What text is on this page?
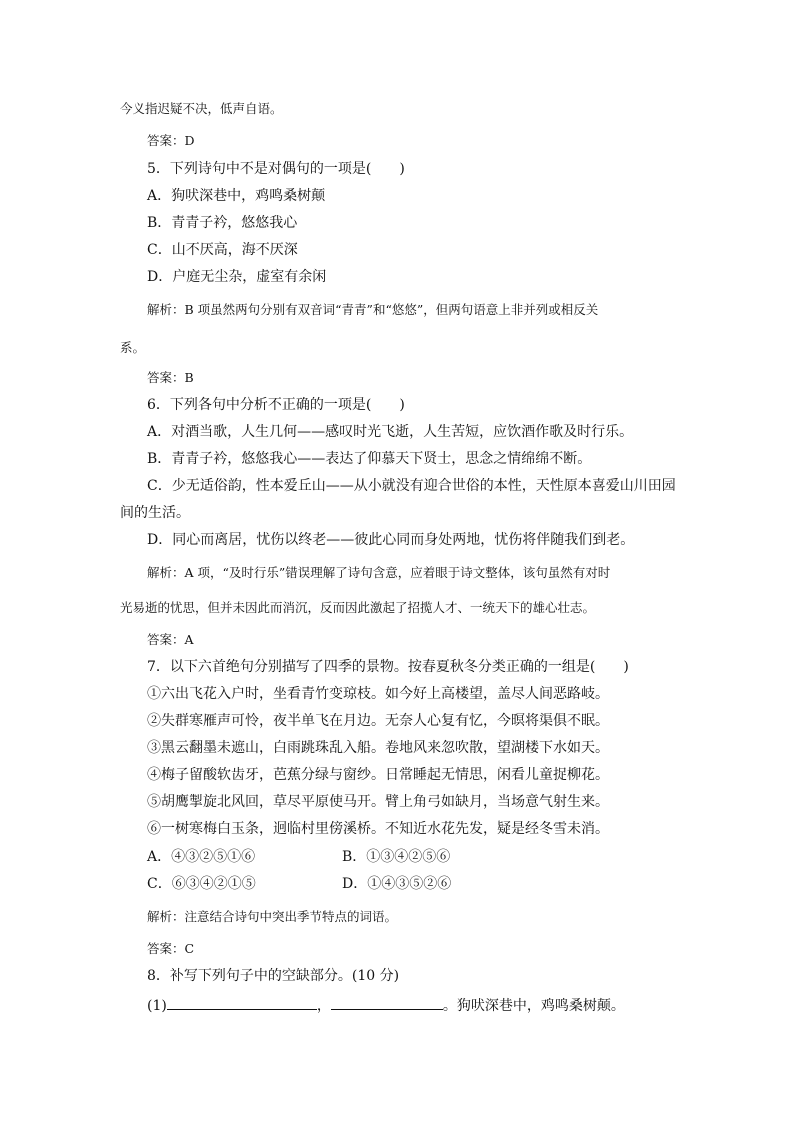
今义指迟疑不决，低声自语。
答案：D
5．下列诗句中不是对偶句的一项是(　　)
A．狗吠深巷中，鸡鸣桑树颠
B．青青子衿，悠悠我心
C．山不厌高，海不厌深
D．户庭无尘杂，虚室有余闲
解析：B 项虽然两句分别有双音词“青青”和“悠悠”，但两句语意上非并列或相反关
系。
答案：B
6．下列各句中分析不正确的一项是(　　)
A．对酒当歌，人生几何——感叹时光飞逝，人生苦短，应饮酒作歌及时行乐。
B．青青子衿，悠悠我心——表达了仰慕天下贤士，思念之情绵绵不断。
C．少无适俗韵，性本爱丘山——从小就没有迎合世俗的本性，天性原本喜爱山川田园
间的生活。
D．同心而离居，忧伤以终老——彼此心同而身处两地，忧伤将伴随我们到老。
解析：A 项，“及时行乐”错误理解了诗句含意，应着眼于诗文整体，该句虽然有对时
光易逝的忧思，但并未因此而消沉，反而因此激起了招揽人才、一统天下的雄心壮志。
答案：A
7．以下六首绝句分别描写了四季的景物。按春夏秋冬分类正确的一组是(　　)
①六出飞花入户时，坐看青竹变琼枝。如今好上高楼望，盖尽人间恶路岐。
②失群寒雁声可怜，夜半单飞在月边。无奈人心复有忆，今暝将渠俱不眠。
③黑云翻墨未遮山，白雨跳珠乱入船。卷地风来忽吹散，望湖楼下水如天。
④梅子留酸软齿牙，芭蕉分绿与窗纱。日常睡起无情思，闲看儿童捉柳花。
⑤胡鹰掣旋北风回，草尽平原使马开。臂上角弓如缺月，当场意气射生来。
⑥一树寒梅白玉条，迥临村里傍溪桥。不知近水花先发，疑是经冬雪未消。
A．④③②⑤①⑥	B．①③④②⑤⑥
C．⑥③④②①⑤	D．①④③⑤②⑥
解析：注意结合诗句中突出季节特点的词语。
答案：C
8．补写下列句子中的空缺部分。(10 分)
(1)	，	。狗吠深巷中，鸡鸣桑树颠。
